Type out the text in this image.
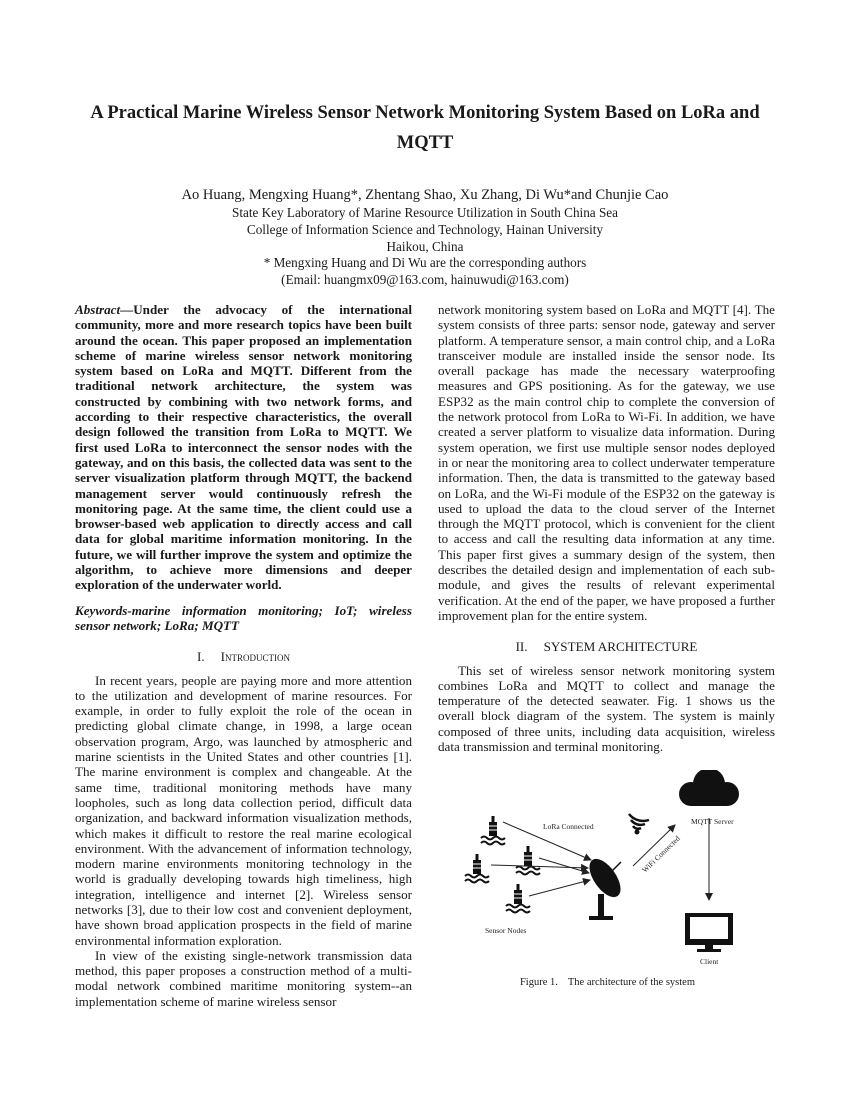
A Practical Marine Wireless Sensor Network Monitoring System Based on LoRa and MQTT
Ao Huang, Mengxing Huang*, Zhentang Shao, Xu Zhang, Di Wu*and Chunjie Cao
State Key Laboratory of Marine Resource Utilization in South China Sea
College of Information Science and Technology, Hainan University
Haikou, China
* Mengxing Huang and Di Wu are the corresponding authors
(Email: huangmx09@163.com, hainuwudi@163.com)

Abstract—Under the advocacy of the international community, more and more research topics have been built around the ocean. This paper proposed an implementation scheme of marine wireless sensor network monitoring system based on LoRa and MQTT. Different from the traditional network architecture, the system was constructed by combining with two network forms, and according to their respective characteristics, the overall design followed the transition from LoRa to MQTT. We first used LoRa to interconnect the sensor nodes with the gateway, and on this basis, the collected data was sent to the server visualization platform through MQTT, the backend management server would continuously refresh the monitoring page. At the same time, the client could use a browser-based web application to directly access and call data for global maritime information monitoring. In the future, we will further improve the system and optimize the algorithm, to achieve more dimensions and deeper exploration of the underwater world.

Keywords-marine information monitoring; IoT; wireless sensor network; LoRa; MQTT

I. Introduction

In recent years, people are paying more and more attention to the utilization and development of marine resources. For example, in order to fully exploit the role of the ocean in predicting global climate change, in 1998, a large ocean observation program, Argo, was launched by atmospheric and marine scientists in the United States and other countries [1]. The marine environment is complex and changeable. At the same time, traditional monitoring methods have many loopholes, such as long data collection period, difficult data organization, and backward information visualization methods, which makes it difficult to restore the real marine ecological environment. With the advancement of information technology, modern marine environments monitoring technology in the world is gradually developing towards high timeliness, high integration, intelligence and internet [2]. Wireless sensor networks [3], due to their low cost and convenient deployment, have shown broad application prospects in the field of marine environmental information exploration.

In view of the existing single-network transmission data method, this paper proposes a construction method of a multi-modal network combined maritime monitoring system--an implementation scheme of marine wireless sensor

network monitoring system based on LoRa and MQTT [4]. The system consists of three parts: sensor node, gateway and server platform. A temperature sensor, a main control chip, and a LoRa transceiver module are installed inside the sensor node. Its overall package has made the necessary waterproofing measures and GPS positioning. As for the gateway, we use ESP32 as the main control chip to complete the conversion of the network protocol from LoRa to Wi-Fi. In addition, we have created a server platform to visualize data information. During system operation, we first use multiple sensor nodes deployed in or near the monitoring area to collect underwater temperature information. Then, the data is transmitted to the gateway based on LoRa, and the Wi-Fi module of the ESP32 on the gateway is used to upload the data to the cloud server of the Internet through the MQTT protocol, which is convenient for the client to access and call the resulting data information at any time. This paper first gives a summary design of the system, then describes the detailed design and implementation of each sub-module, and gives the results of relevant experimental verification. At the end of the paper, we have proposed a further improvement plan for the entire system.

II. SYSTEM ARCHITECTURE

This set of wireless sensor network monitoring system combines LoRa and MQTT to collect and manage the temperature of the detected seawater. Fig. 1 shows us the overall block diagram of the system. The system is mainly composed of three units, including data acquisition, wireless data transmission and terminal monitoring.

LoRa Connected
WiFi Connected
MQTT Server
Sensor Nodes
Client
Figure 1. The architecture of the system
